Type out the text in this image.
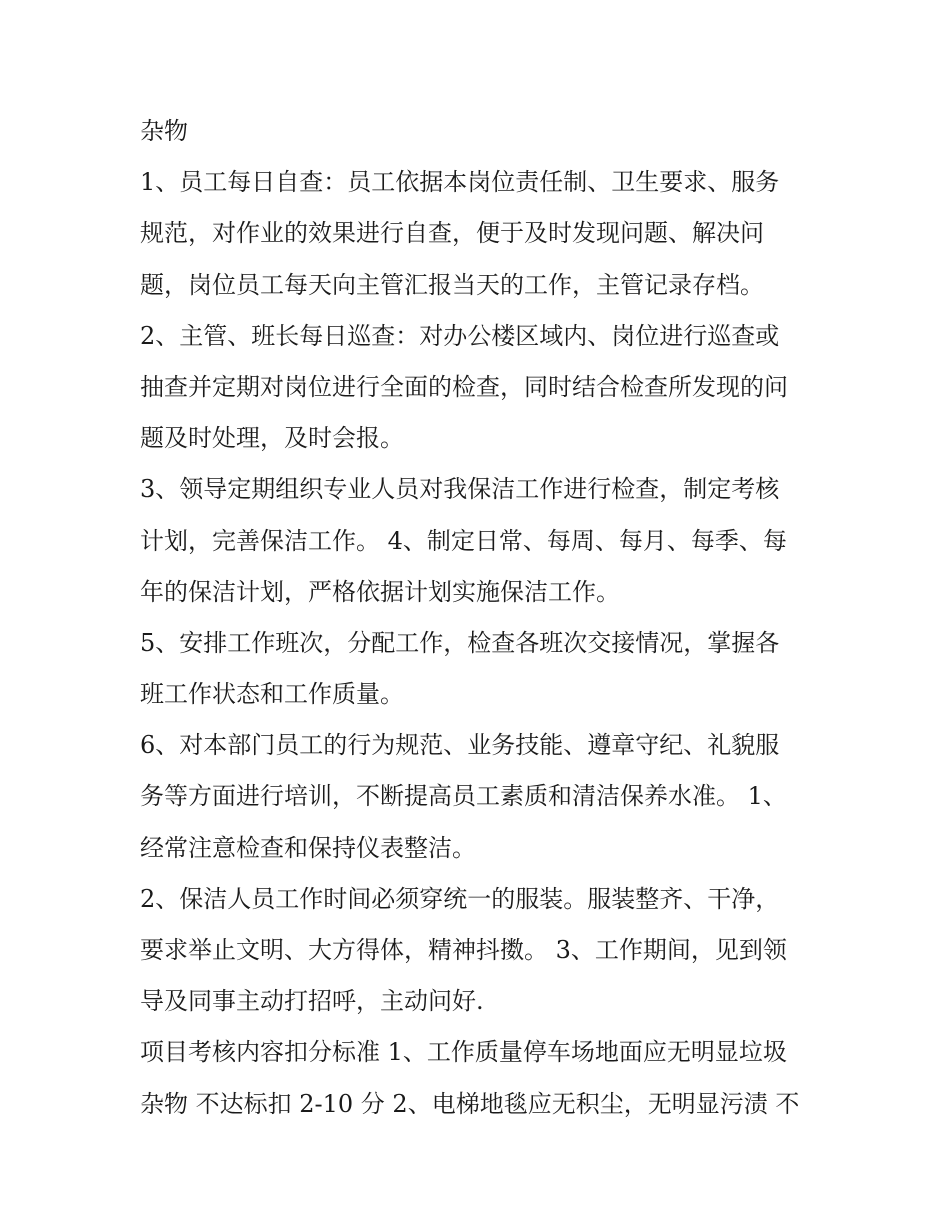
杂物
1、员工每日自查：员工依据本岗位责任制、卫生要求、服务
规范，对作业的效果进行自查，便于及时发现问题、解决问
题，岗位员工每天向主管汇报当天的工作，主管记录存档。
2、主管、班长每日巡查：对办公楼区域内、岗位进行巡查或
抽查并定期对岗位进行全面的检查，同时结合检查所发现的问
题及时处理，及时会报。
3、领导定期组织专业人员对我保洁工作进行检查，制定考核
计划，完善保洁工作。 4、制定日常、每周、每月、每季、每
年的保洁计划，严格依据计划实施保洁工作。
5、安排工作班次，分配工作，检查各班次交接情况，掌握各
班工作状态和工作质量。
6、对本部门员工的行为规范、业务技能、遵章守纪、礼貌服
务等方面进行培训，不断提高员工素质和清洁保养水准。 1、
经常注意检查和保持仪表整洁。
2、保洁人员工作时间必须穿统一的服装。服装整齐、干净，
要求举止文明、大方得体，精神抖擞。 3、工作期间，见到领
导及同事主动打招呼，主动问好.
项目考核内容扣分标准 1、工作质量停车场地面应无明显垃圾
杂物 不达标扣 2-10 分 2、电梯地毯应无积尘，无明显污渍 不
